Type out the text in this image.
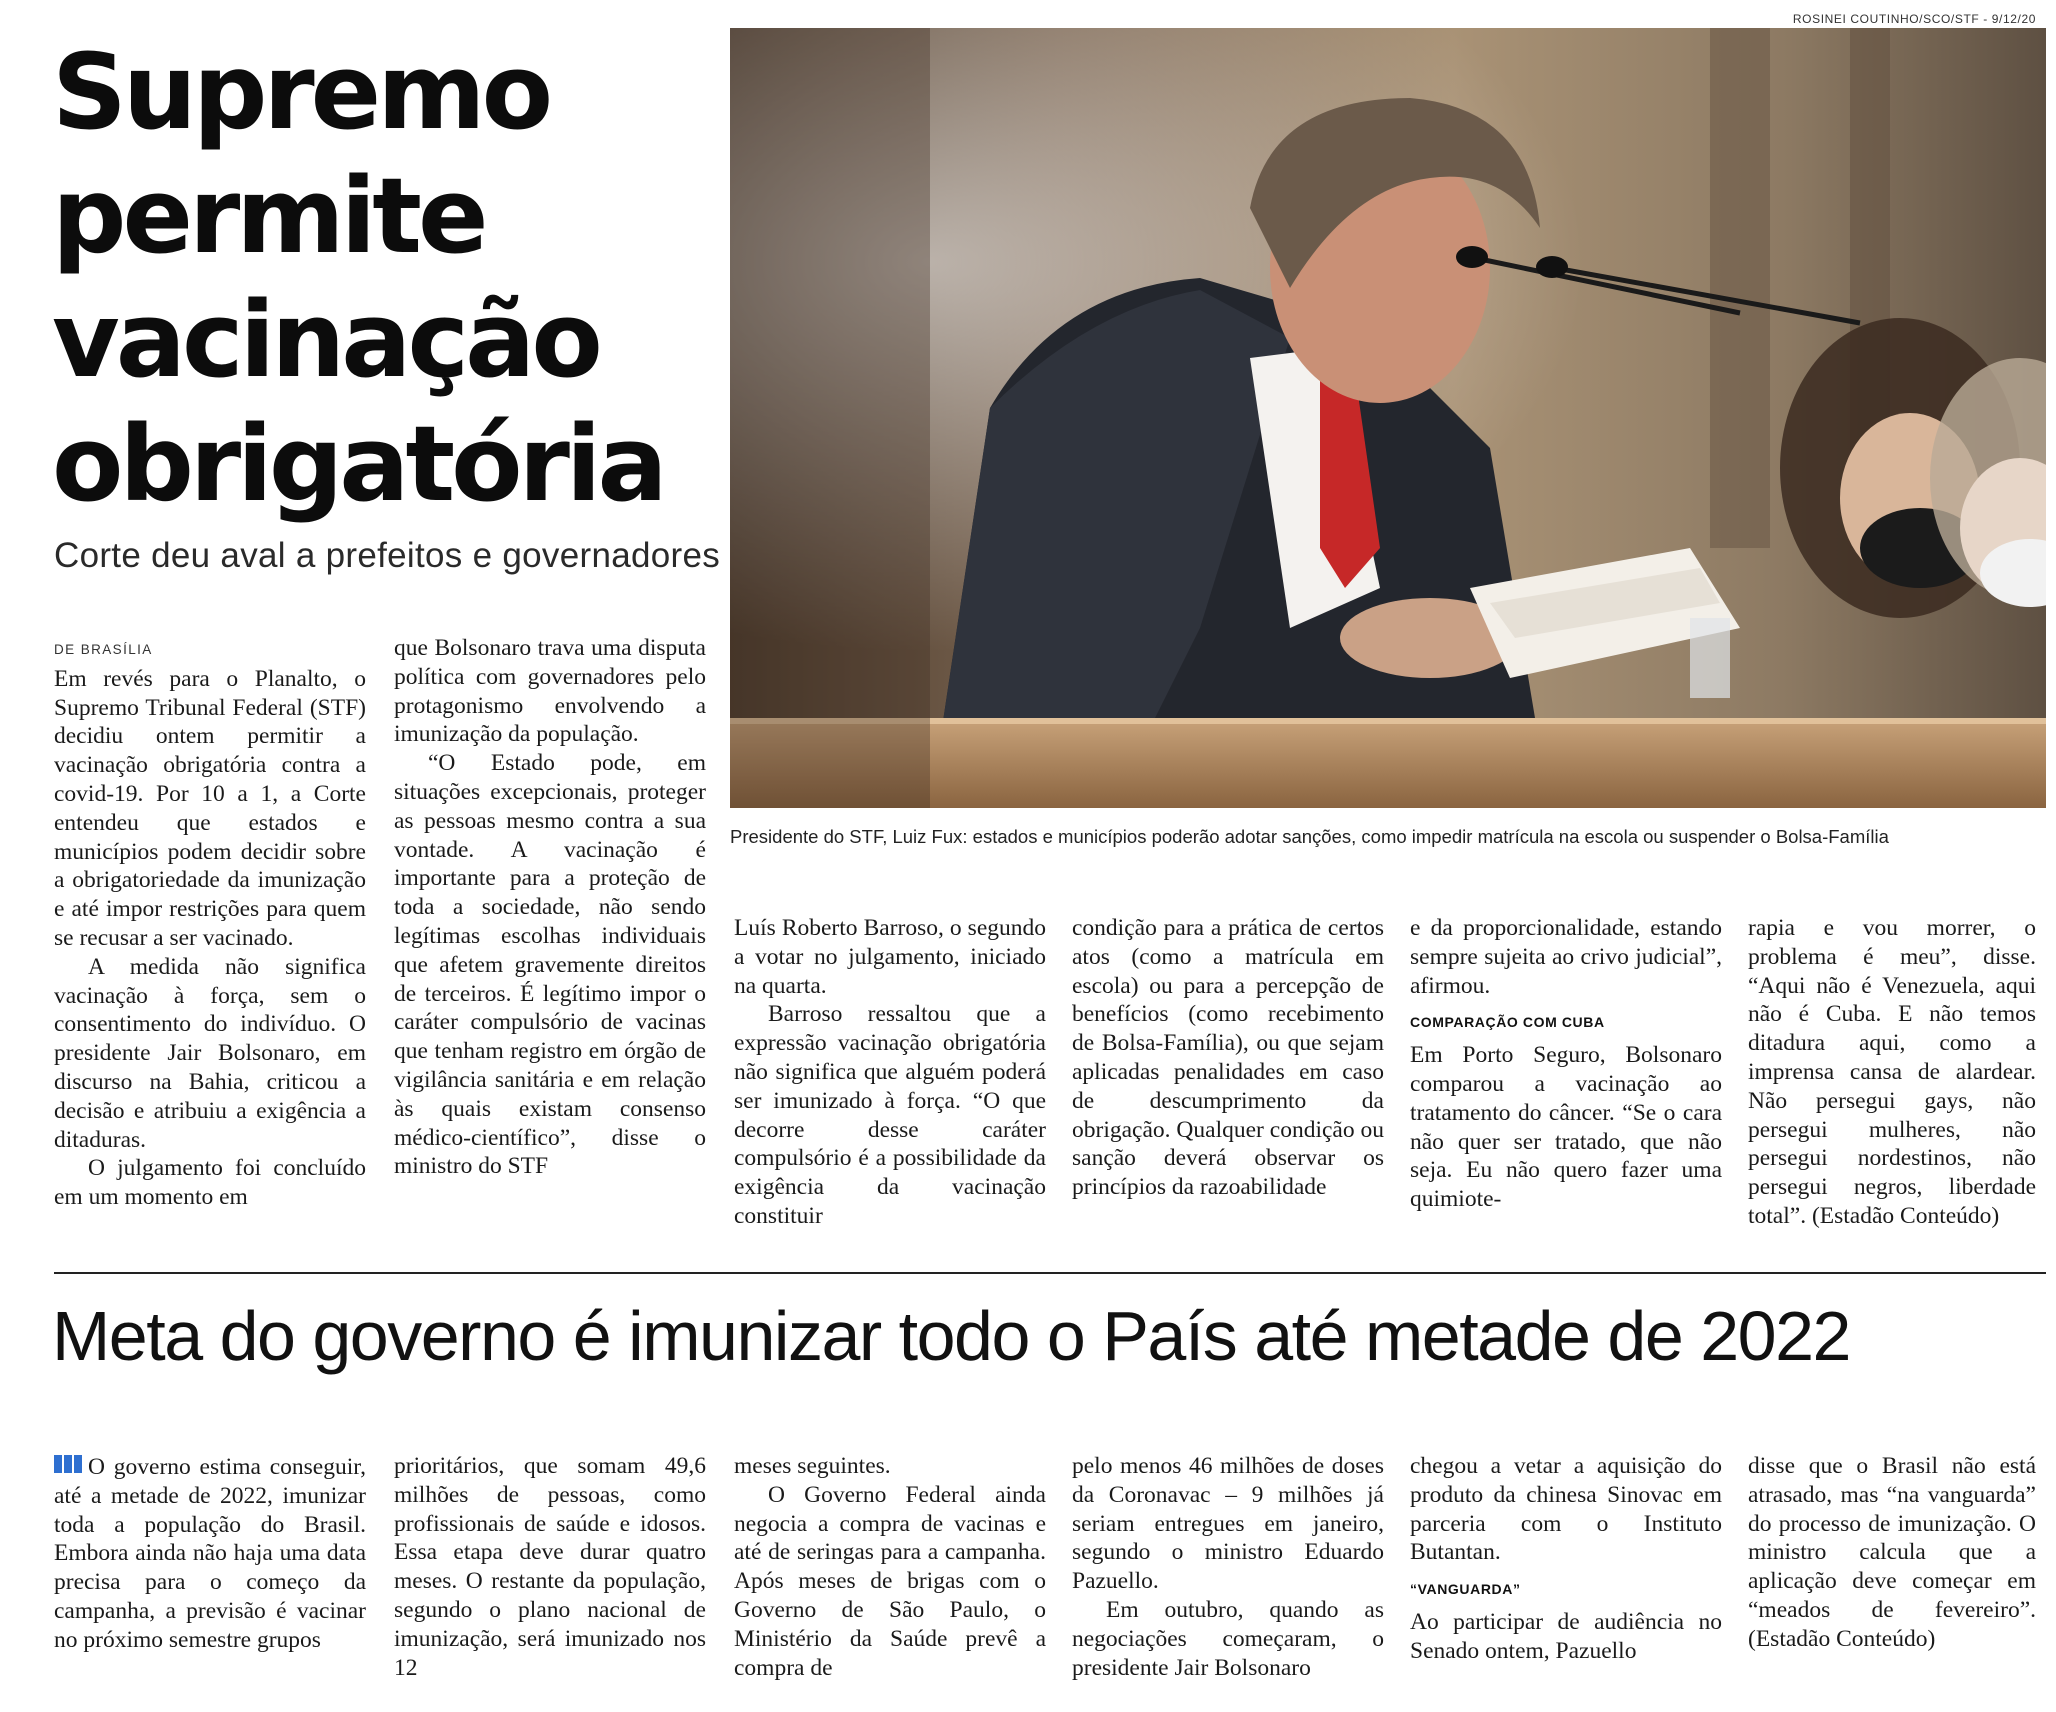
ROSINEI COUTINHO/SCO/STF - 9/12/20
Supremo
permite
vacinação
obrigatória

Corte deu aval a prefeitos e governadores

Presidente do STF, Luiz Fux: estados e municípios poderão adotar sanções, como impedir matrícula na escola ou suspender o Bolsa-Família
DE BRASÍLIA

Em revés para o Planalto, o Supremo Tribunal Federal (STF) decidiu ontem permitir a vacinação obrigatória contra a covid-19. Por 10 a 1, a Corte entendeu que estados e municípios podem decidir sobre a obrigatoriedade da imunização e até impor restrições para quem se recusar a ser vacinado.

A medida não significa vacinação à força, sem o consentimento do indivíduo. O presidente Jair Bolsonaro, em discurso na Bahia, criticou a decisão e atribuiu a exigência a ditaduras.

O julgamento foi concluído em um momento em

que Bolsonaro trava uma disputa política com governadores pelo protagonismo envolvendo a imunização da população.

“O Estado pode, em situações excepcionais, proteger as pessoas mesmo contra a sua vontade. A vacinação é importante para a proteção de toda a sociedade, não sendo legítimas escolhas individuais que afetem gravemente direitos de terceiros. É legítimo impor o caráter compulsório de vacinas que tenham registro em órgão de vigilância sanitária e em relação às quais existam consenso médico-científico”, disse o ministro do STF

Luís Roberto Barroso, o segundo a votar no julgamento, iniciado na quarta.

Barroso ressaltou que a expressão vacinação obrigatória não significa que alguém poderá ser imunizado à força. “O que decorre desse caráter compulsório é a possibilidade da exigência da vacinação constituir

condição para a prática de certos atos (como a matrícula em escola) ou para a percepção de benefícios (como recebimento de Bolsa-Família), ou que sejam aplicadas penalidades em caso de descumprimento da obrigação. Qualquer condição ou sanção deverá observar os princípios da razoabilidade

e da proporcionalidade, estando sempre sujeita ao crivo judicial”, afirmou.

COMPARAÇÃO COM CUBA

Em Porto Seguro, Bolsonaro comparou a vacinação ao tratamento do câncer. “Se o cara não quer ser tratado, que não seja. Eu não quero fazer uma quimiote-

rapia e vou morrer, o problema é meu”, disse. “Aqui não é Venezuela, aqui não é Cuba. E não temos ditadura aqui, como a imprensa cansa de alardear. Não persegui gays, não persegui mulheres, não persegui nordestinos, não persegui negros, liberdade total”. (Estadão Conteúdo)

Meta do governo é imunizar todo o País até metade de 2022

O governo estima conseguir, até a metade de 2022, imunizar toda a população do Brasil. Embora ainda não haja uma data precisa para o começo da campanha, a previsão é vacinar no próximo semestre grupos

prioritários, que somam 49,6 milhões de pessoas, como profissionais de saúde e idosos. Essa etapa deve durar quatro meses. O restante da população, segundo o plano nacional de imunização, será imunizado nos 12

meses seguintes.

O Governo Federal ainda negocia a compra de vacinas e até de seringas para a campanha. Após meses de brigas com o Governo de São Paulo, o Ministério da Saúde prevê a compra de

pelo menos 46 milhões de doses da Coronavac – 9 milhões já seriam entregues em janeiro, segundo o ministro Eduardo Pazuello.

Em outubro, quando as negociações começaram, o presidente Jair Bolsonaro

chegou a vetar a aquisição do produto da chinesa Sinovac em parceria com o Instituto Butantan.

“VANGUARDA”

Ao participar de audiência no Senado ontem, Pazuello

disse que o Brasil não está atrasado, mas “na vanguarda” do processo de imunização. O ministro calcula que a aplicação deve começar em “meados de fevereiro”. (Estadão Conteúdo)
